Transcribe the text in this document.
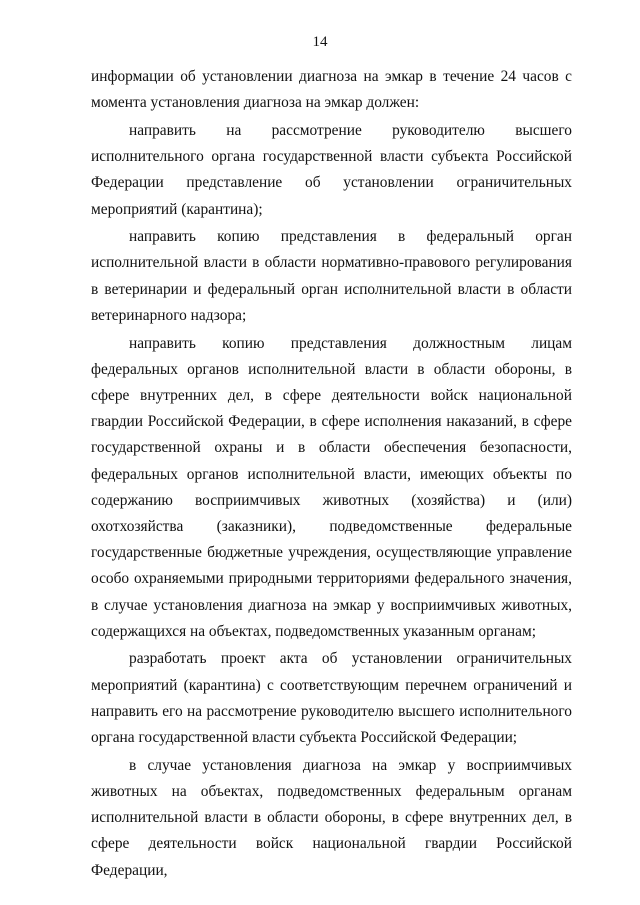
14

информации об установлении диагноза на эмкар в течение 24 часов с момента установления диагноза на эмкар должен:

направить на рассмотрение руководителю высшего исполнительного органа государственной власти субъекта Российской Федерации представление об установлении ограничительных мероприятий (карантина);

направить копию представления в федеральный орган исполнительной власти в области нормативно-правового регулирования в ветеринарии и федеральный орган исполнительной власти в области ветеринарного надзора;

направить копию представления должностным лицам федеральных органов исполнительной власти в области обороны, в сфере внутренних дел, в сфере деятельности войск национальной гвардии Российской Федерации, в сфере исполнения наказаний, в сфере государственной охраны и в области обеспечения безопасности, федеральных органов исполнительной власти, имеющих объекты по содержанию восприимчивых животных (хозяйства) и (или) охотхозяйства (заказники), подведомственные федеральные государственные бюджетные учреждения, осуществляющие управление особо охраняемыми природными территориями федерального значения, в случае установления диагноза на эмкар у восприимчивых животных, содержащихся на объектах, подведомственных указанным органам;

разработать проект акта об установлении ограничительных мероприятий (карантина) с соответствующим перечнем ограничений и направить его на рассмотрение руководителю высшего исполнительного органа государственной власти субъекта Российской Федерации;

в случае установления диагноза на эмкар у восприимчивых животных на объектах, подведомственных федеральным органам исполнительной власти в области обороны, в сфере внутренних дел, в сфере деятельности войск национальной гвардии Российской Федерации,
